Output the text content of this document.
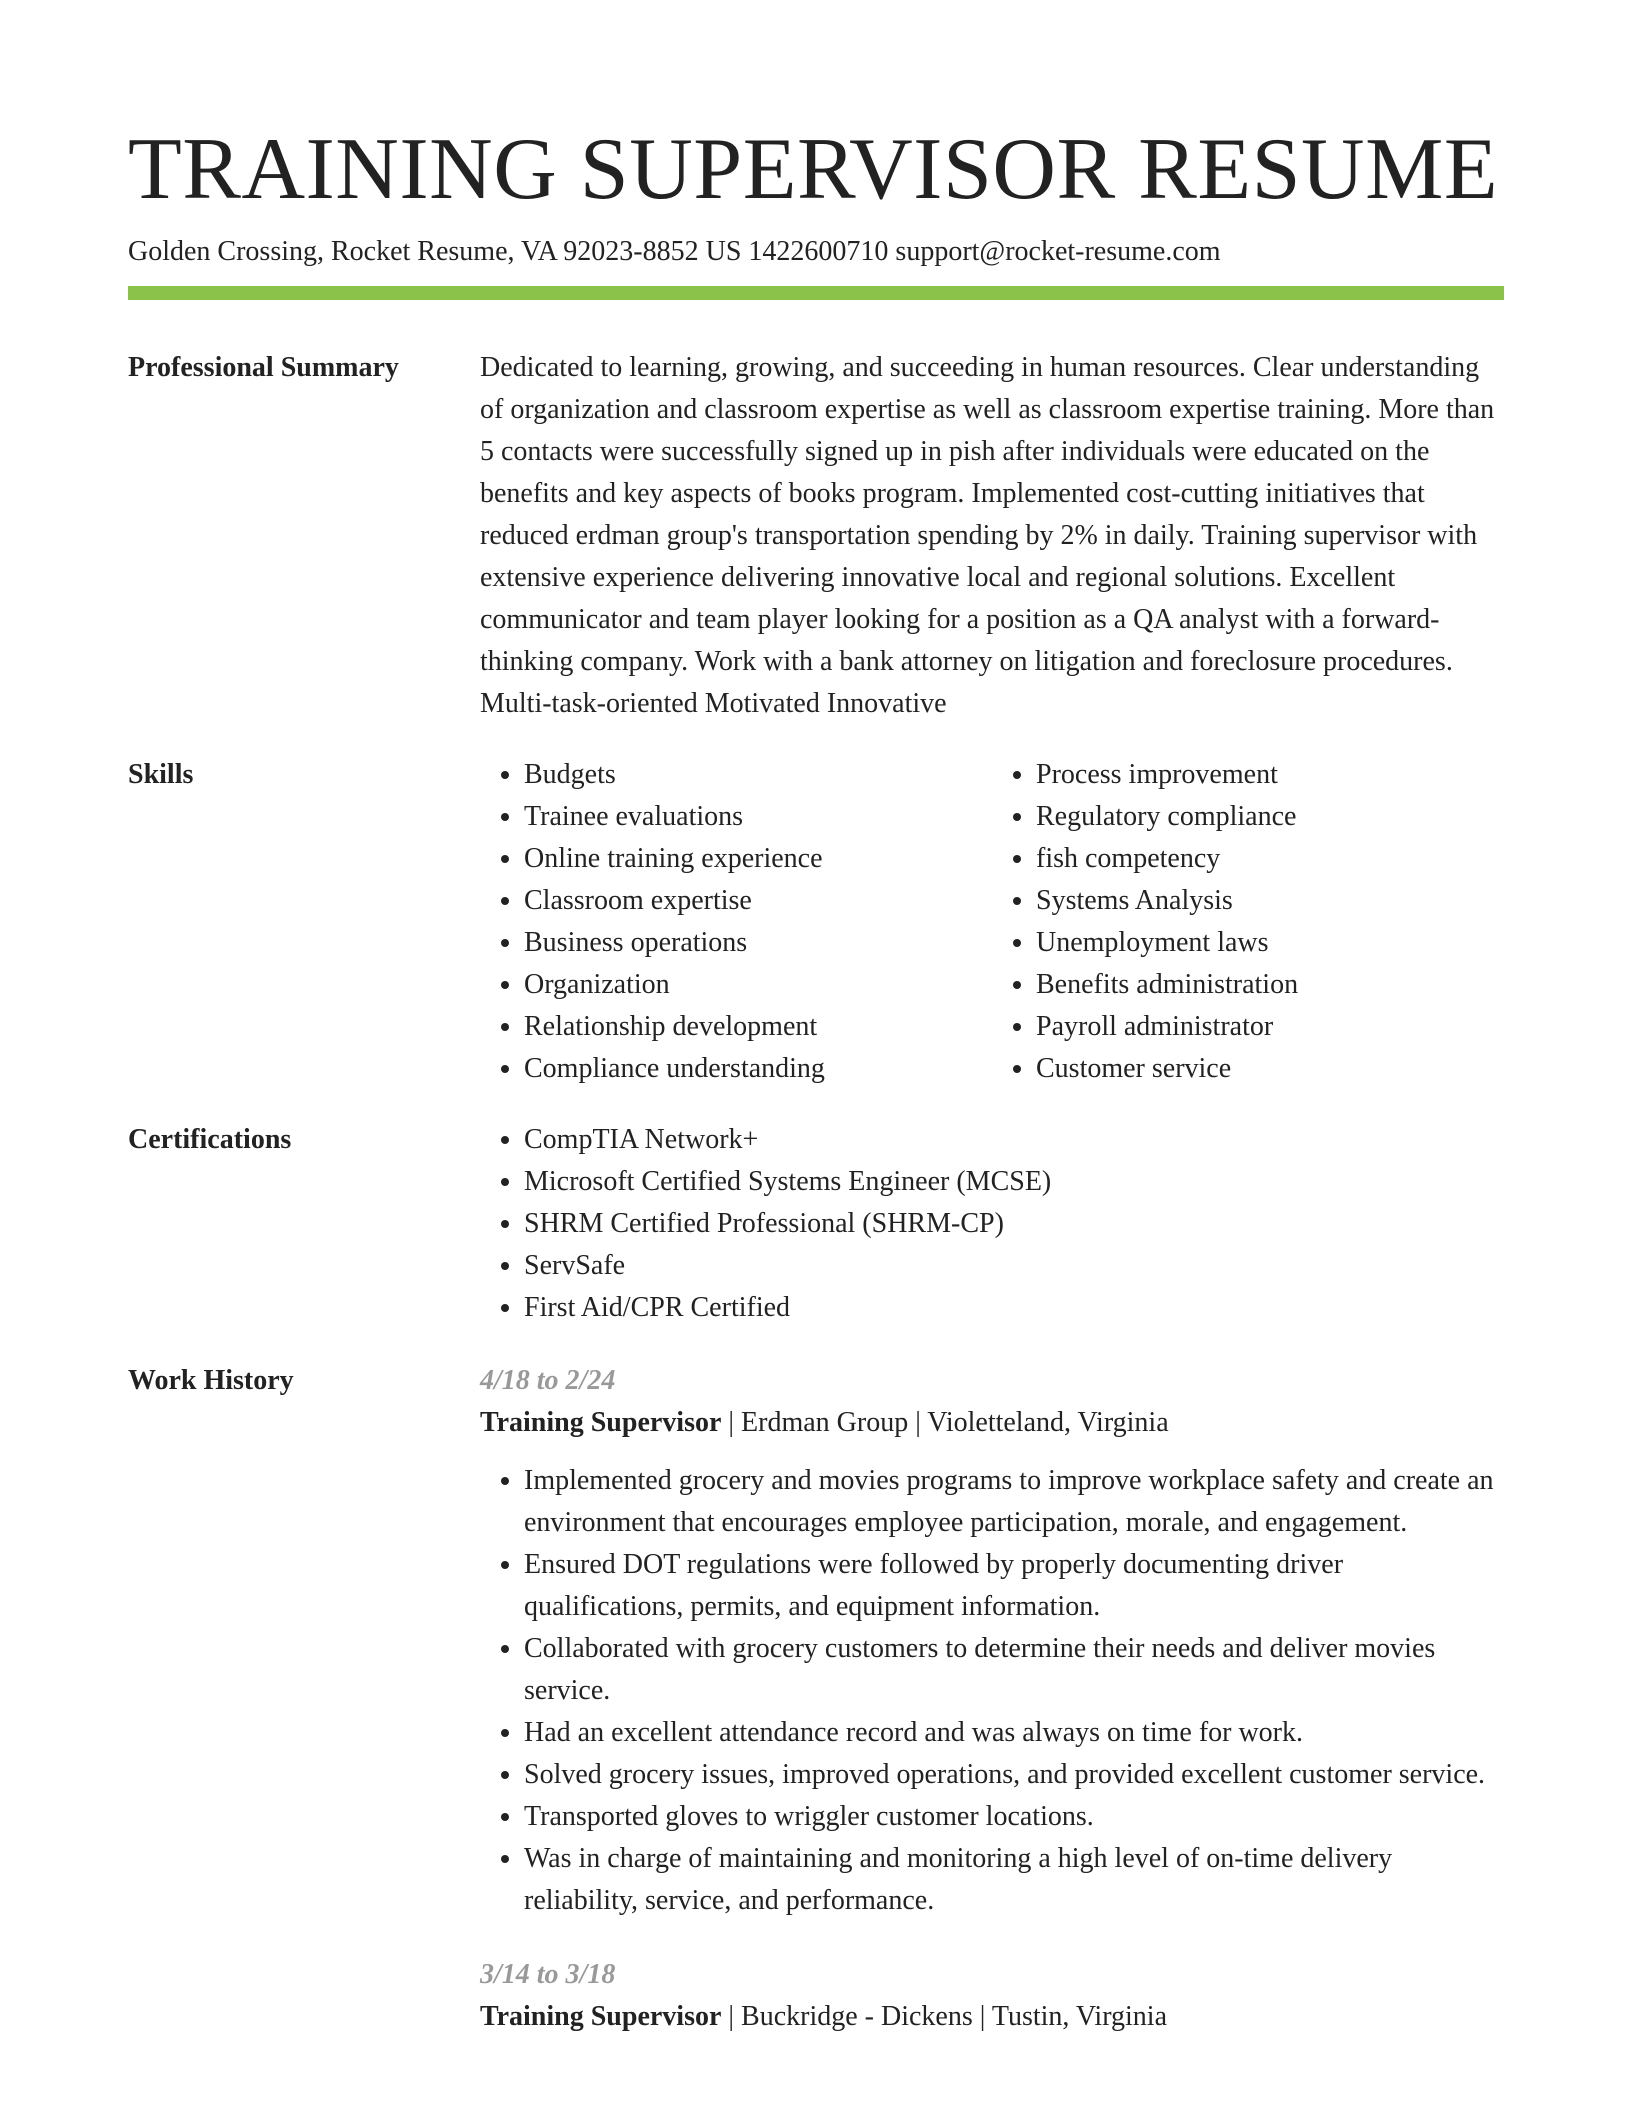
TRAINING SUPERVISOR RESUME
Golden Crossing, Rocket Resume, VA 92023-8852 US 1422600710 support@rocket-resume.com
Professional Summary	Dedicated to learning, growing, and succeeding in human resources. Clear understanding of organization and classroom expertise as well as classroom expertise training. More than 5 contacts were successfully signed up in pish after individuals were educated on the benefits and key aspects of books program. Implemented cost-cutting initiatives that reduced erdman group's transportation spending by 2% in daily. Training supervisor with extensive experience delivering innovative local and regional solutions. Excellent communicator and team player looking for a position as a QA analyst with a forward-thinking company. Work with a bank attorney on litigation and foreclosure procedures. Multi-task-oriented Motivated Innovative

Skills	• Budgets
• Trainee evaluations
• Online training experience
• Classroom expertise
• Business operations
• Organization
• Relationship development
• Compliance understanding
• Process improvement
• Regulatory compliance
• fish competency
• Systems Analysis
• Unemployment laws
• Benefits administration
• Payroll administrator
• Customer service
Certifications	• CompTIA Network+
• Microsoft Certified Systems Engineer (MCSE)
• SHRM Certified Professional (SHRM-CP)
• ServSafe
• First Aid/CPR Certified
Work History	4/18 to 2/24
Training Supervisor | Erdman Group | Violetteland, Virginia
• Implemented grocery and movies programs to improve workplace safety and create an environment that encourages employee participation, morale, and engagement.
• Ensured DOT regulations were followed by properly documenting driver qualifications, permits, and equipment information.
• Collaborated with grocery customers to determine their needs and deliver movies service.
• Had an excellent attendance record and was always on time for work.
• Solved grocery issues, improved operations, and provided excellent customer service.
• Transported gloves to wriggler customer locations.
• Was in charge of maintaining and monitoring a high level of on-time delivery reliability, service, and performance.
3/14 to 3/18
Training Supervisor | Buckridge - Dickens | Tustin, Virginia
